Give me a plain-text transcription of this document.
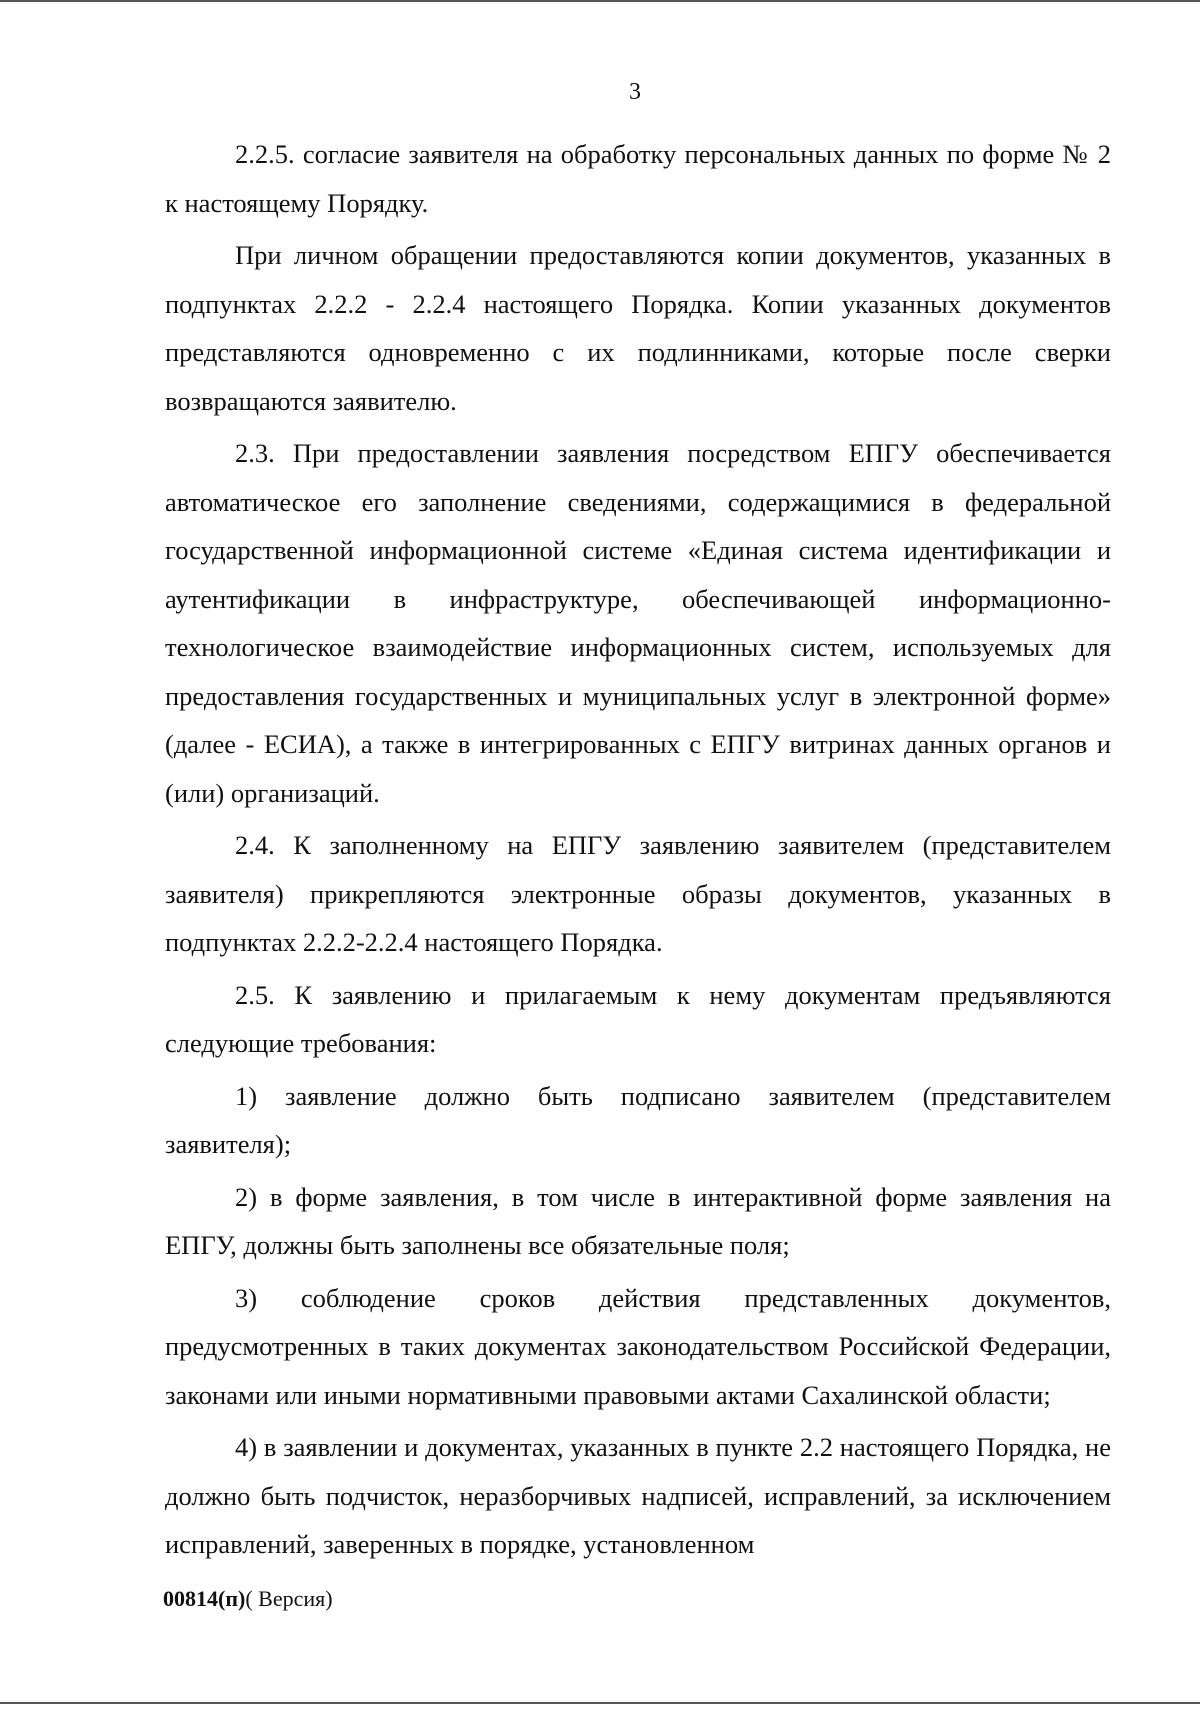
3

2.2.5. согласие заявителя на обработку персональных данных по форме № 2 к настоящему Порядку.

При личном обращении предоставляются копии документов, указанных в подпунктах 2.2.2 - 2.2.4 настоящего Порядка. Копии указанных документов представляются одновременно с их подлинниками, которые после сверки возвращаются заявителю.

2.3. При предоставлении заявления посредством ЕПГУ обеспечивается автоматическое его заполнение сведениями, содержащимися в федеральной государственной информационной системе «Единая система идентификации и аутентификации в инфраструктуре, обеспечивающей информационно-технологическое взаимодействие информационных систем, используемых для предоставления государственных и муниципальных услуг в электронной форме» (далее - ЕСИА), а также в интегрированных с ЕПГУ витринах данных органов и (или) организаций.

2.4. К заполненному на ЕПГУ заявлению заявителем (представителем заявителя) прикрепляются электронные образы документов, указанных в подпунктах 2.2.2-2.2.4 настоящего Порядка.

2.5. К заявлению и прилагаемым к нему документам предъявляются следующие требования:

1) заявление должно быть подписано заявителем (представителем заявителя);

2) в форме заявления, в том числе в интерактивной форме заявления на ЕПГУ, должны быть заполнены все обязательные поля;

3) соблюдение сроков действия представленных документов, предусмотренных в таких документах законодательством Российской Федерации, законами или иными нормативными правовыми актами Сахалинской области;

4) в заявлении и документах, указанных в пункте 2.2 настоящего Порядка, не должно быть подчисток, неразборчивых надписей, исправлений, за исключением исправлений, заверенных в порядке, установленном

00814(п)( Версия)
